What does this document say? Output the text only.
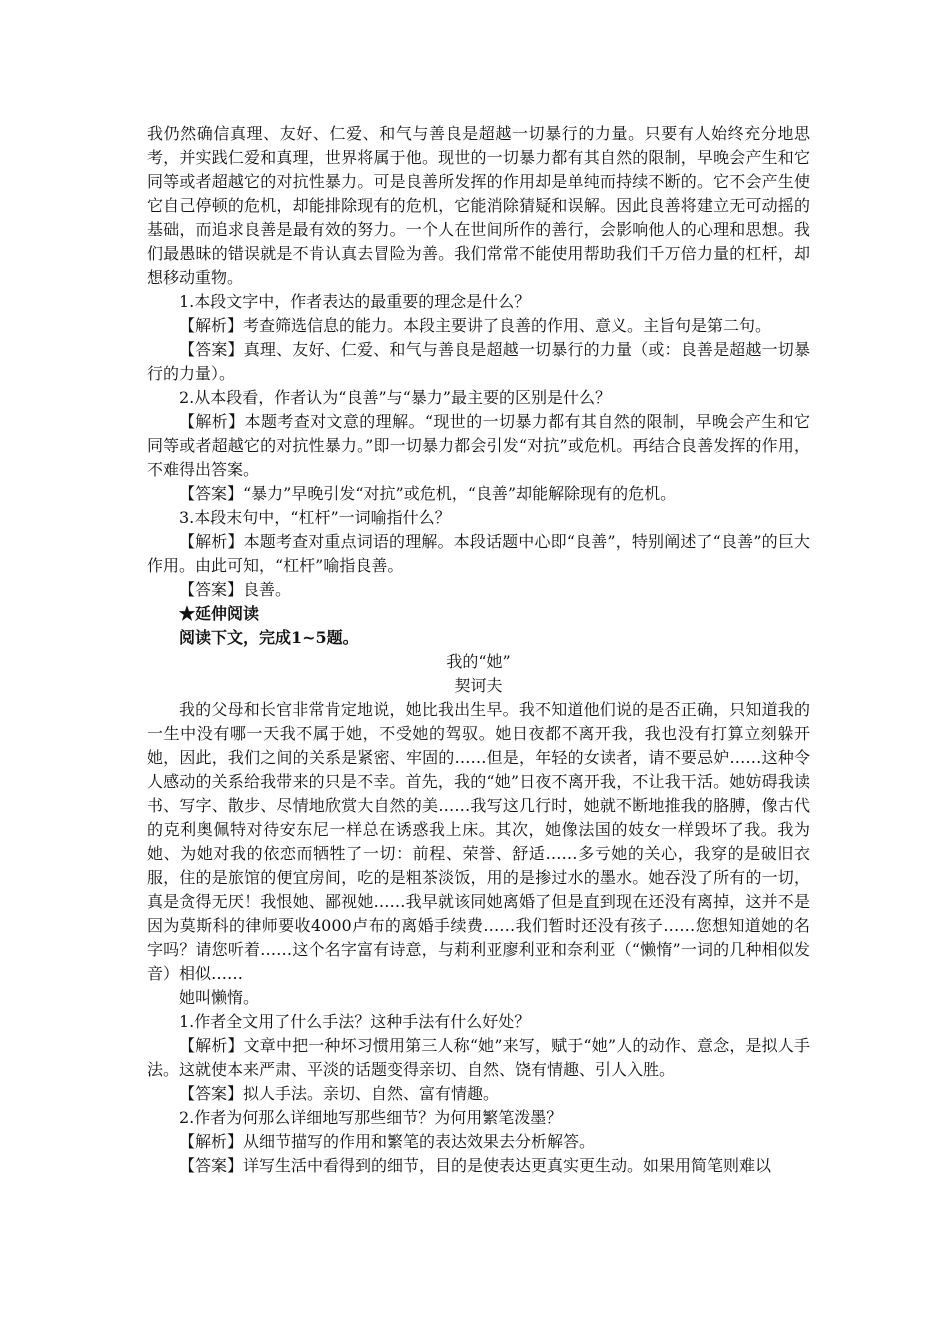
我仍然确信真理、友好、仁爱、和气与善良是超越一切暴行的力量。只要有人始终充分地思考，并实践仁爱和真理，世界将属于他。现世的一切暴力都有其自然的限制，早晚会产生和它同等或者超越它的对抗性暴力。可是良善所发挥的作用却是单纯而持续不断的。它不会产生使它自己停顿的危机，却能排除现有的危机，它能消除猜疑和误解。因此良善将建立无可动摇的基础，而追求良善是最有效的努力。一个人在世间所作的善行，会影响他人的心理和思想。我们最愚昧的错误就是不肯认真去冒险为善。我们常常不能使用帮助我们千万倍力量的杠杆，却想移动重物。

1.本段文字中，作者表达的最重要的理念是什么？

【解析】考查筛选信息的能力。本段主要讲了良善的作用、意义。主旨句是第二句。

【答案】真理、友好、仁爱、和气与善良是超越一切暴行的力量（或：良善是超越一切暴行的力量）。

2.从本段看，作者认为“良善”与“暴力”最主要的区别是什么？

【解析】本题考查对文意的理解。“现世的一切暴力都有其自然的限制，早晚会产生和它同等或者超越它的对抗性暴力。”即一切暴力都会引发“对抗”或危机。再结合良善发挥的作用，不难得出答案。

【答案】“暴力”早晚引发“对抗”或危机，“良善”却能解除现有的危机。

3.本段末句中，“杠杆”一词喻指什么？

【解析】本题考查对重点词语的理解。本段话题中心即“良善”，特别阐述了“良善”的巨大作用。由此可知，“杠杆”喻指良善。

【答案】良善。

★延伸阅读

阅读下文，完成1~5题。

我的“她”

契诃夫

我的父母和长官非常肯定地说，她比我出生早。我不知道他们说的是否正确，只知道我的一生中没有哪一天我不属于她，不受她的驾驭。她日夜都不离开我，我也没有打算立刻躲开她，因此，我们之间的关系是紧密、牢固的……但是，年轻的女读者，请不要忌妒……这种令人感动的关系给我带来的只是不幸。首先，我的“她”日夜不离开我，不让我干活。她妨碍我读书、写字、散步、尽情地欣赏大自然的美……我写这几行时，她就不断地推我的胳膊，像古代的克利奥佩特对待安东尼一样总在诱惑我上床。其次，她像法国的妓女一样毁坏了我。我为她、为她对我的依恋而牺牲了一切：前程、荣誉、舒适……多亏她的关心，我穿的是破旧衣服，住的是旅馆的便宜房间，吃的是粗茶淡饭，用的是掺过水的墨水。她吞没了所有的一切，真是贪得无厌！我恨她、鄙视她……我早就该同她离婚了但是直到现在还没有离掉，这并不是因为莫斯科的律师要收4000卢布的离婚手续费……我们暂时还没有孩子……您想知道她的名字吗？请您听着……这个名字富有诗意，与莉利亚廖利亚和奈利亚（“懒惰”一词的几种相似发音）相似……

她叫懒惰。

1.作者全文用了什么手法？这种手法有什么好处？

【解析】文章中把一种坏习惯用第三人称“她”来写，赋于“她”人的动作、意念，是拟人手法。这就使本来严肃、平淡的话题变得亲切、自然、饶有情趣、引人入胜。

【答案】拟人手法。亲切、自然、富有情趣。

2.作者为何那么详细地写那些细节？为何用繁笔泼墨？

【解析】从细节描写的作用和繁笔的表达效果去分析解答。

【答案】详写生活中看得到的细节，目的是使表达更真实更生动。如果用简笔则难以
